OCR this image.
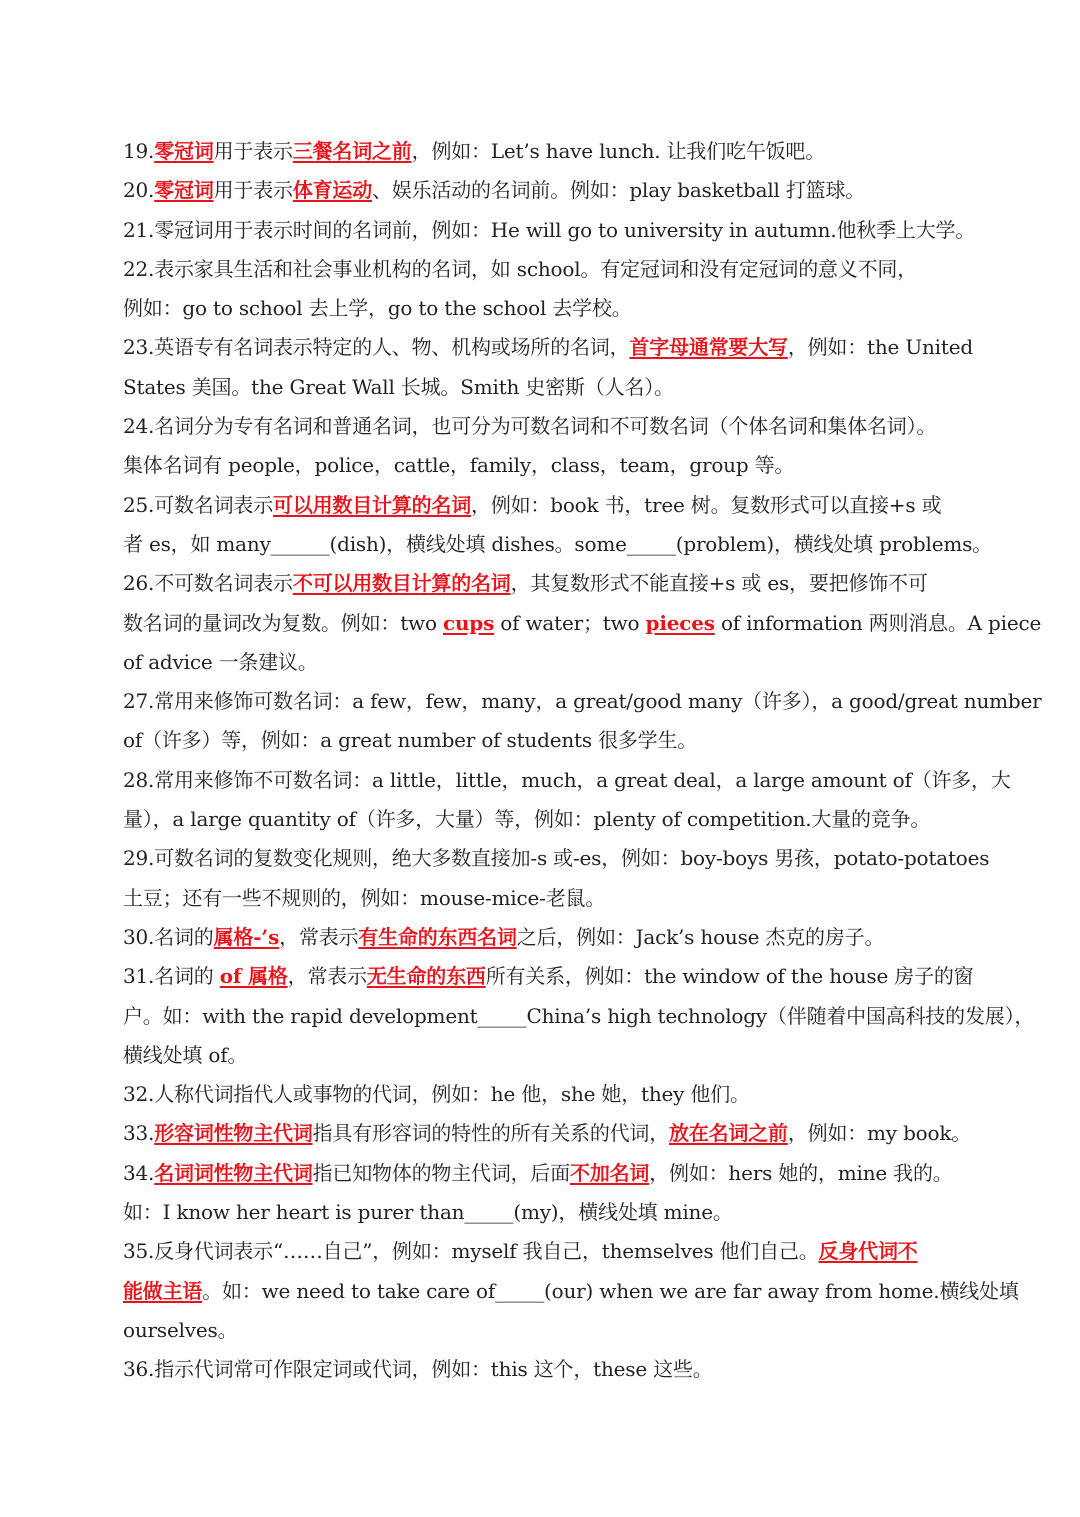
19.零冠词用于表示三餐名词之前，例如：Let’s have lunch. 让我们吃午饭吧。
20.零冠词用于表示体育运动、娱乐活动的名词前。例如：play basketball 打篮球。
21.零冠词用于表示时间的名词前，例如：He will go to university in autumn.他秋季上大学。
22.表示家具生活和社会事业机构的名词，如 school。有定冠词和没有定冠词的意义不同，
例如：go to school 去上学，go to the school 去学校。
23.英语专有名词表示特定的人、物、机构或场所的名词，首字母通常要大写，例如：the United
States 美国。the Great Wall 长城。Smith 史密斯（人名）。
24.名词分为专有名词和普通名词，也可分为可数名词和不可数名词（个体名词和集体名词）。
集体名词有 people，police，cattle，family，class，team，group 等。
25.可数名词表示可以用数目计算的名词，例如：book 书，tree 树。复数形式可以直接+s 或
者 es，如 many______(dish)，横线处填 dishes。some_____(problem)，横线处填 problems。
26.不可数名词表示不可以用数目计算的名词，其复数形式不能直接+s 或 es，要把修饰不可
数名词的量词改为复数。例如：two cups of water；two pieces of information 两则消息。A piece
of advice 一条建议。
27.常用来修饰可数名词：a few，few，many，a great/good many（许多），a good/great number
of（许多）等，例如：a great number of students 很多学生。
28.常用来修饰不可数名词：a little，little，much，a great deal，a large amount of（许多，大
量），a large quantity of（许多，大量）等，例如：plenty of competition.大量的竞争。
29.可数名词的复数变化规则，绝大多数直接加-s 或-es，例如：boy-boys 男孩，potato-potatoes
土豆；还有一些不规则的，例如：mouse-mice-老鼠。
30.名词的属格-’s，常表示有生命的东西名词之后，例如：Jack’s house 杰克的房子。
31.名词的 of 属格，常表示无生命的东西所有关系，例如：the window of the house 房子的窗
户。如：with the rapid development_____China’s high technology（伴随着中国高科技的发展），
横线处填 of。
32.人称代词指代人或事物的代词，例如：he 他，she 她，they 他们。
33.形容词性物主代词指具有形容词的特性的所有关系的代词，放在名词之前，例如：my book。
34.名词词性物主代词指已知物体的物主代词，后面不加名词，例如：hers 她的，mine 我的。
如：I know her heart is purer than_____(my)，横线处填 mine。
35.反身代词表示“……自己”，例如：myself 我自己，themselves 他们自己。反身代词不
能做主语。如：we need to take care of_____(our) when we are far away from home.横线处填
ourselves。
36.指示代词常可作限定词或代词，例如：this 这个，these 这些。
